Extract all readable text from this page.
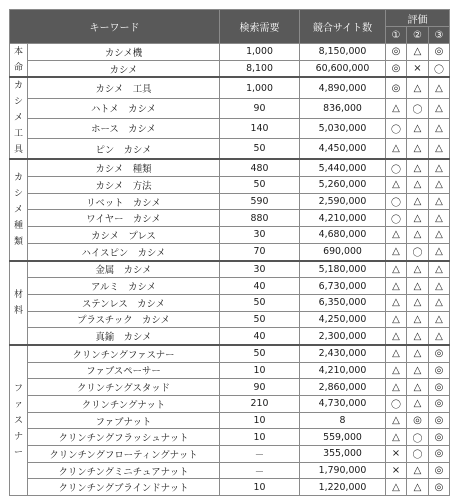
キーワード		検索需要	競合サイト数	評価		
				①	②	③

本
命	カシメ機	1,000	8,150,000	◎	△	◎
	カシメ	8,100	60,600,000	◎	×	〇

カ
シ
メ
工
具	カシメ　工具	1,000	4,890,000	◎	△	△
	ハトメ　カシメ	90	836,000	△	〇	△
	ホース　カシメ	140	5,030,000	〇	△	△
	ピン　カシメ	50	4,450,000	△	△	△

カ
シ
メ
種
類	カシメ　種類	480	5,440,000	〇	△	△
	カシメ　方法	50	5,260,000	△	△	△
	リベット　カシメ	590	2,590,000	〇	△	△
	ワイヤー　カシメ	880	4,210,000	〇	△	△
	カシメ　プレス	30	4,680,000	△	△	△
	ハイスピン　カシメ	70	690,000	△	〇	△

材
料	金属　カシメ	30	5,180,000	△	△	△
	アルミ　カシメ	40	6,730,000	△	△	△
	ステンレス　カシメ	50	6,350,000	△	△	△
	プラスチック　カシメ	50	4,250,000	△	△	△
	真鍮　カシメ	40	2,300,000	△	△	△

フ
ァ
ス
ナ
ー	クリンチングファスナー	50	2,430,000	△	△	◎
	ファブスペーサー	10	4,210,000	△	△	◎
	クリンチングスタッド	90	2,860,000	△	△	◎
	クリンチングナット	210	4,730,000	〇	△	◎
	ファブナット	10	8	△	◎	◎
	クリンチングフラッシュナット	10	559,000	△	〇	◎
	クリンチングフローティングナット	－	355,000	×	〇	◎
	クリンチングミニチュアナット	－	1,790,000	×	△	◎
	クリンチングブラインドナット	10	1,220,000	△	△	◎
